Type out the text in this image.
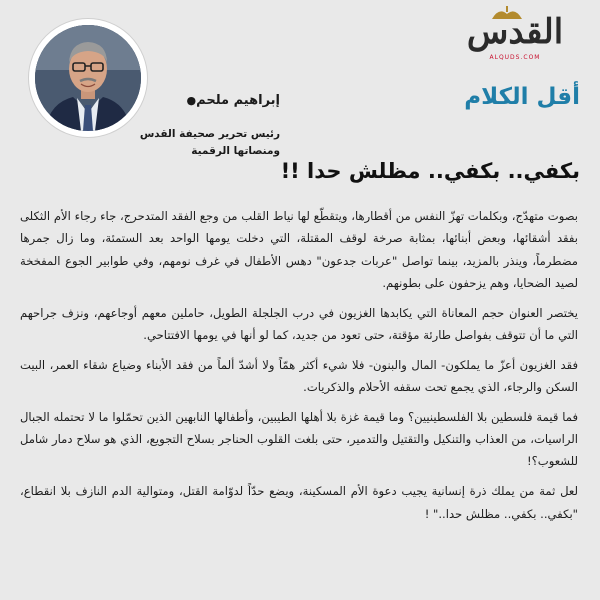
القدس
ALQUDS.COM
أقل الكلام
إبراهيم ملحم●
رئيس تحرير صحيفة القدس ومنصاتها الرقمية
بكفي.. بكفي.. مظلش حدا !!

بصوت متهدّج، وبكلمات تهزّ النفس من أقطارها، ويتقطّع لها نياط القلب من وجع الفقد المتدحرج، جاء رجاء الأم الثكلى بفقد أشقائها، وبعض أبنائها، بمثابة صرخة لوقف المقتلة، التي دخلت يومها الواحد بعد الستمئة، وما زال جمرها مضطرماً، وينذر بالمزيد، بينما تواصل "عربات جدعون" دهس الأطفال في غرف نومهم، وفي طوابير الجوع المفخخة لصيد الضحايا، وهم يزحفون على بطونهم.

يختصر العنوان حجم المعاناة التي يكابدها الغزيون في درب الجلجلة الطويل، حاملين معهم أوجاعهم، ونزف جراحهم التي ما أن تتوقف بفواصل طارئة مؤقتة، حتى تعود من جديد، كما لو أنها في يومها الافتتاحي.

فقد الغزيون أعزّ ما يملكون- المال والبنون- فلا شيء أكثر همّاً ولا أشدّ ألماً من فقد الأبناء وضياع شقاء العمر، البيت السكن والرجاء، الذي يجمع تحت سقفه الأحلام والذكريات.

فما قيمة فلسطين بلا الفلسطينيين؟ وما قيمة غزة بلا أهلها الطيبين، وأطفالها النابهين الذين تحمّلوا ما لا تحتمله الجبال الراسيات، من العذاب والتنكيل والتقتيل والتدمير، حتى بلغت القلوب الحناجر بسلاح التجويع، الذي هو سلاح دمار شامل للشعوب؟!

لعل ثمة من يملك ذرة إنسانية يجيب دعوة الأم المسكينة، ويضع حدّاً لدوّامة القتل، ومتوالية الدم النازف بلا انقطاع، "بكفي.. بكفي.. مظلش حدا.." !
